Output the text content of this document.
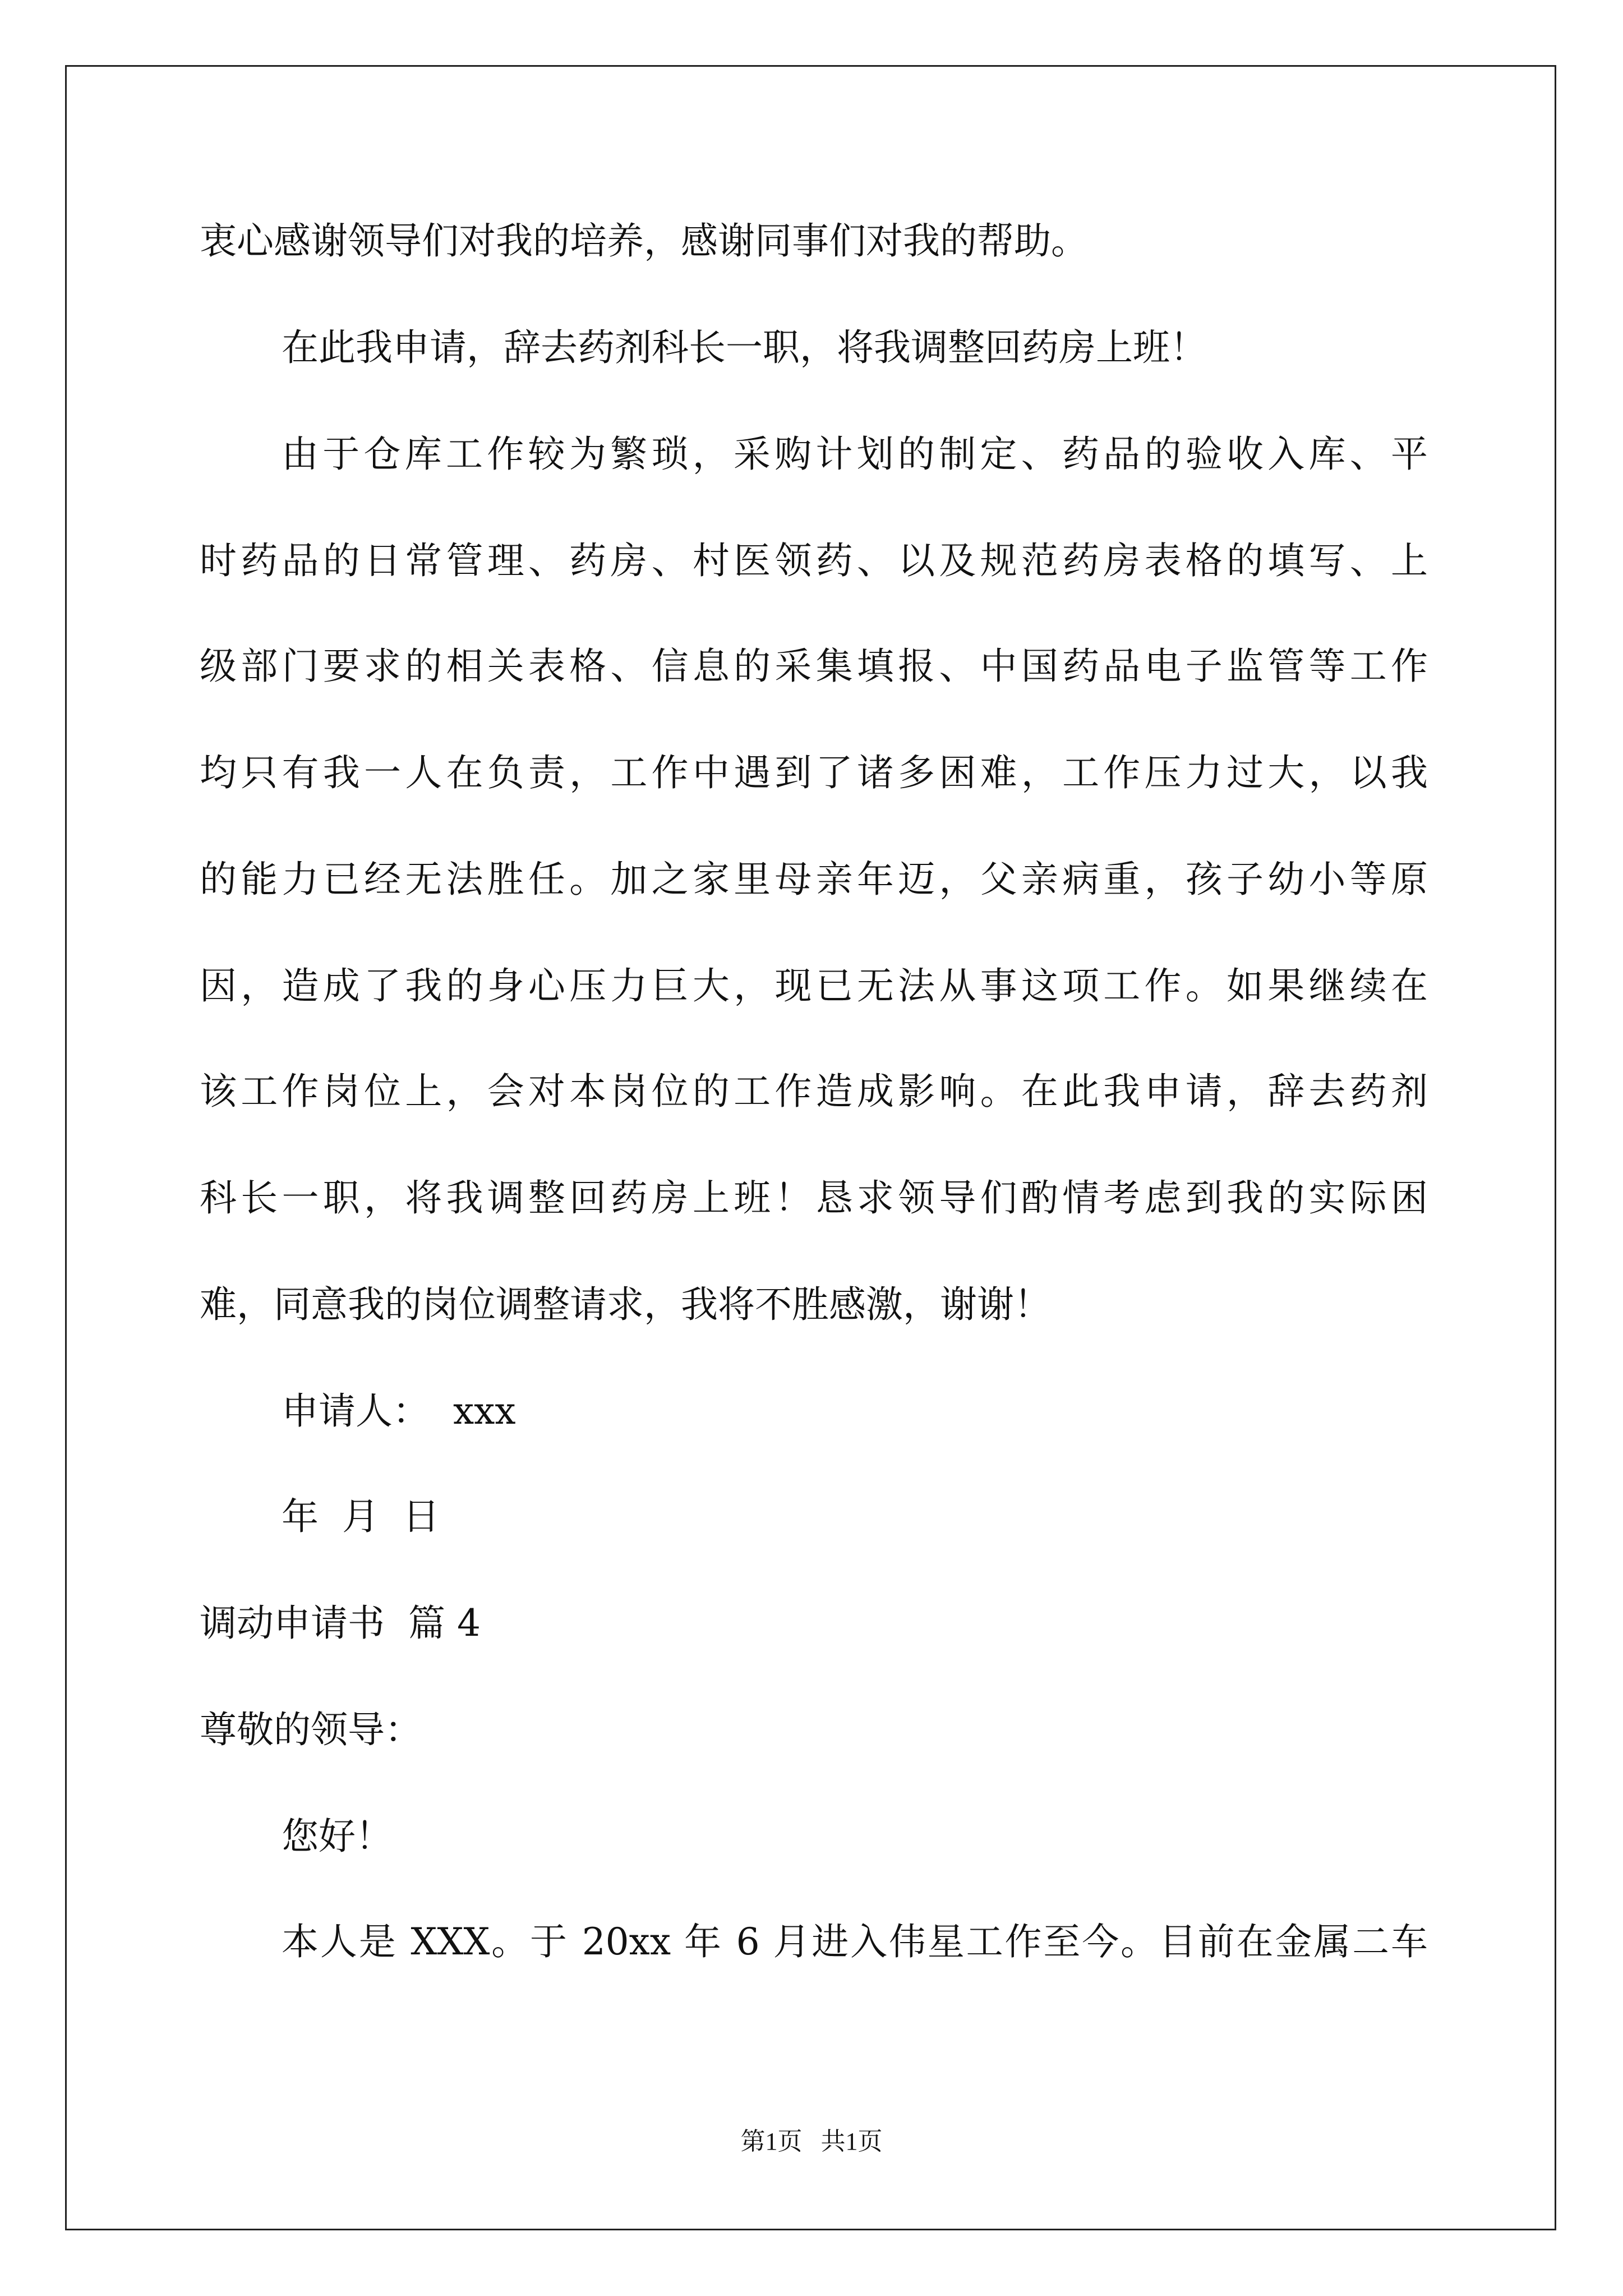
衷心感谢领导们对我的培养，感谢同事们对我的帮助。
在此我申请，辞去药剂科长一职，将我调整回药房上班！
由于仓库工作较为繁琐，采购计划的制定、药品的验收入库、平
时药品的日常管理、药房、村医领药、以及规范药房表格的填写、上
级部门要求的相关表格、信息的采集填报、中国药品电子监管等工作
均只有我一人在负责，工作中遇到了诸多困难，工作压力过大，以我
的能力已经无法胜任。加之家里母亲年迈，父亲病重，孩子幼小等原
因，造成了我的身心压力巨大，现已无法从事这项工作。如果继续在
该工作岗位上，会对本岗位的工作造成影响。在此我申请，辞去药剂
科长一职，将我调整回药房上班！恳求领导们酌情考虑到我的实际困
难，同意我的岗位调整请求，我将不胜感激，谢谢！
申请人：  xxx
年  月  日
调动申请书  篇 4
尊敬的领导：
您好！
本人是 XXX。于 20xx 年 6 月进入伟星工作至今。目前在金属二车
第1页   共1页
